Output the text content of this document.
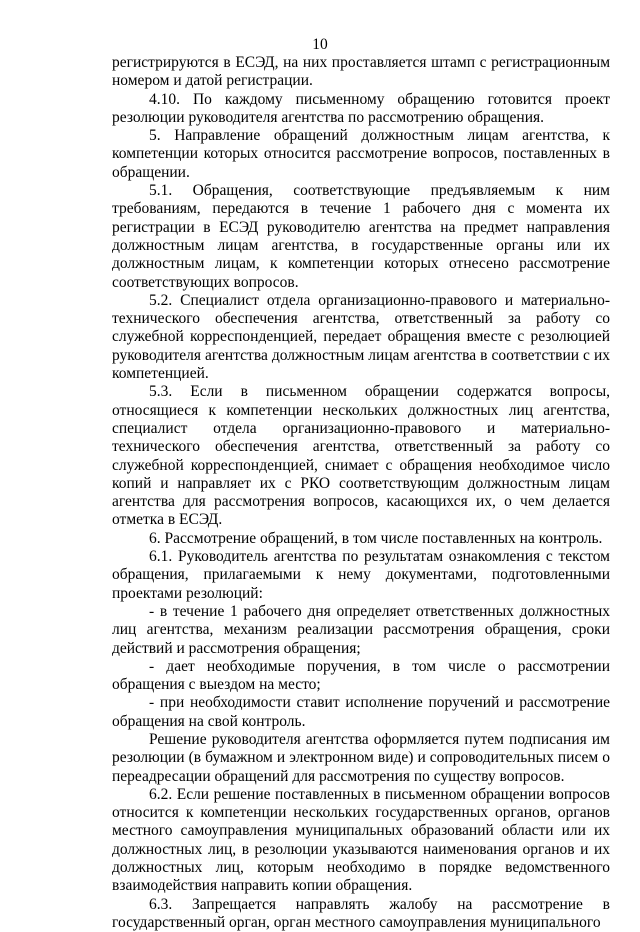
10

регистрируются в ЕСЭД, на них проставляется штамп с регистрационным номером и датой регистрации.

4.10. По каждому письменному обращению готовится проект резолюции руководителя агентства по рассмотрению обращения.

5. Направление обращений должностным лицам агентства, к компетенции которых относится рассмотрение вопросов, поставленных в обращении.

5.1. Обращения, соответствующие предъявляемым к ним требованиям, передаются в течение 1 рабочего дня с момента их регистрации в ЕСЭД руководителю агентства на предмет направления должностным лицам агентства, в государственные органы или их должностным лицам, к компетенции которых отнесено рассмотрение соответствующих вопросов.

5.2. Специалист отдела организационно-правового и материально-технического обеспечения агентства, ответственный за работу со служебной корреспонденцией, передает обращения вместе с резолюцией руководителя агентства должностным лицам агентства в соответствии с их компетенцией.

5.3. Если в письменном обращении содержатся вопросы, относящиеся к компетенции нескольких должностных лиц агентства, специалист отдела организационно-правового и материально-технического обеспечения агентства, ответственный за работу со служебной корреспонденцией, снимает с обращения необходимое число копий и направляет их с РКО соответствующим должностным лицам агентства для рассмотрения вопросов, касающихся их, о чем делается отметка в ЕСЭД.

6. Рассмотрение обращений, в том числе поставленных на контроль.

6.1. Руководитель агентства по результатам ознакомления с текстом обращения, прилагаемыми к нему документами, подготовленными проектами резолюций:

- в течение 1 рабочего дня определяет ответственных должностных лиц агентства, механизм реализации рассмотрения обращения, сроки действий и рассмотрения обращения;

- дает необходимые поручения, в том числе о рассмотрении обращения с выездом на место;

- при необходимости ставит исполнение поручений и рассмотрение обращения на свой контроль.

Решение руководителя агентства оформляется путем подписания им резолюции (в бумажном и электронном виде) и сопроводительных писем о переадресации обращений для рассмотрения по существу вопросов.

6.2. Если решение поставленных в письменном обращении вопросов относится к компетенции нескольких государственных органов, органов местного самоуправления муниципальных образований области или их должностных лиц, в резолюции указываются наименования органов и их должностных лиц, которым необходимо в порядке ведомственного взаимодействия направить копии обращения.

6.3. Запрещается направлять жалобу на рассмотрение в государственный орган, орган местного самоуправления муниципального
